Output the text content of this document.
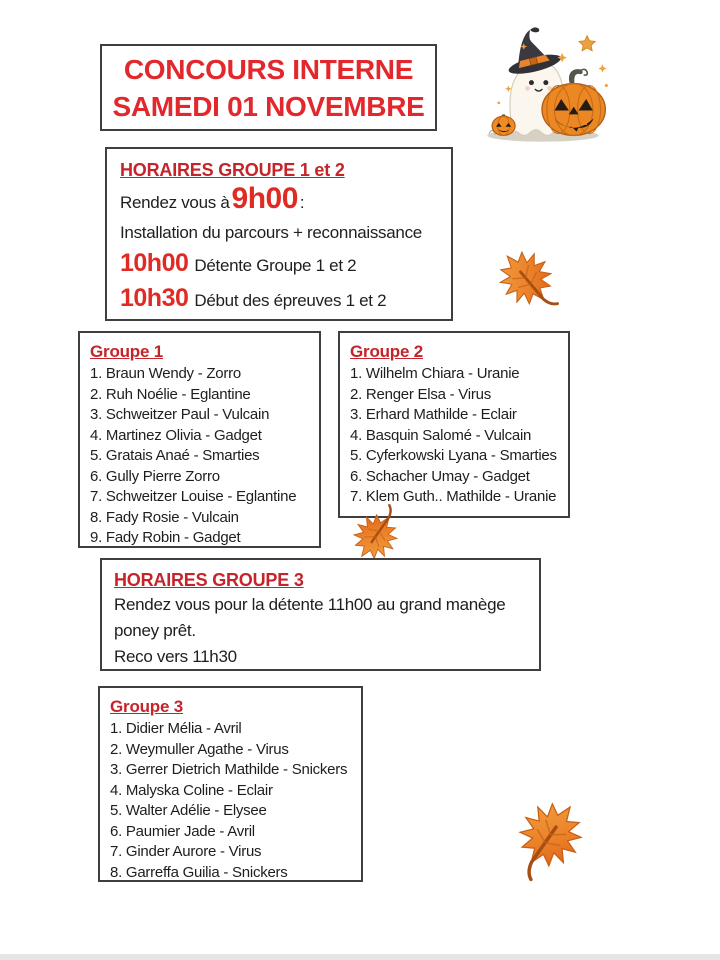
CONCOURS INTERNE
SAMEDI 01 NOVEMBRE
HORAIRES GROUPE 1 et 2
Rendez vous à 9h00 :
Installation du parcours + reconnaissance
10h00 Détente Groupe 1 et 2
10h30 Début des épreuves 1 et 2
Groupe 1
1. Braun Wendy - Zorro
2. Ruh Noélie - Eglantine
3. Schweitzer Paul - Vulcain
4. Martinez Olivia - Gadget
5. Gratais Anaé - Smarties
6. Gully Pierre Zorro
7. Schweitzer Louise - Eglantine
8. Fady Rosie - Vulcain
9. Fady Robin - Gadget
Groupe 2
1. Wilhelm Chiara - Uranie
2. Renger Elsa - Virus
3. Erhard Mathilde - Eclair
4. Basquin Salomé - Vulcain
5. Cyferkowski Lyana - Smarties
6. Schacher Umay - Gadget
7. Klem Guth.. Mathilde - Uranie
HORAIRES GROUPE 3
Rendez vous pour la détente 11h00 au grand manège poney prêt.
Reco vers 11h30
Groupe 3
1. Didier Mélia - Avril
2. Weymuller Agathe - Virus
3. Gerrer Dietrich Mathilde - Snickers
4. Malyska Coline - Eclair
5. Walter Adélie - Elysee
6. Paumier Jade - Avril
7. Ginder Aurore - Virus
8. Garreffa Guilia - Snickers
